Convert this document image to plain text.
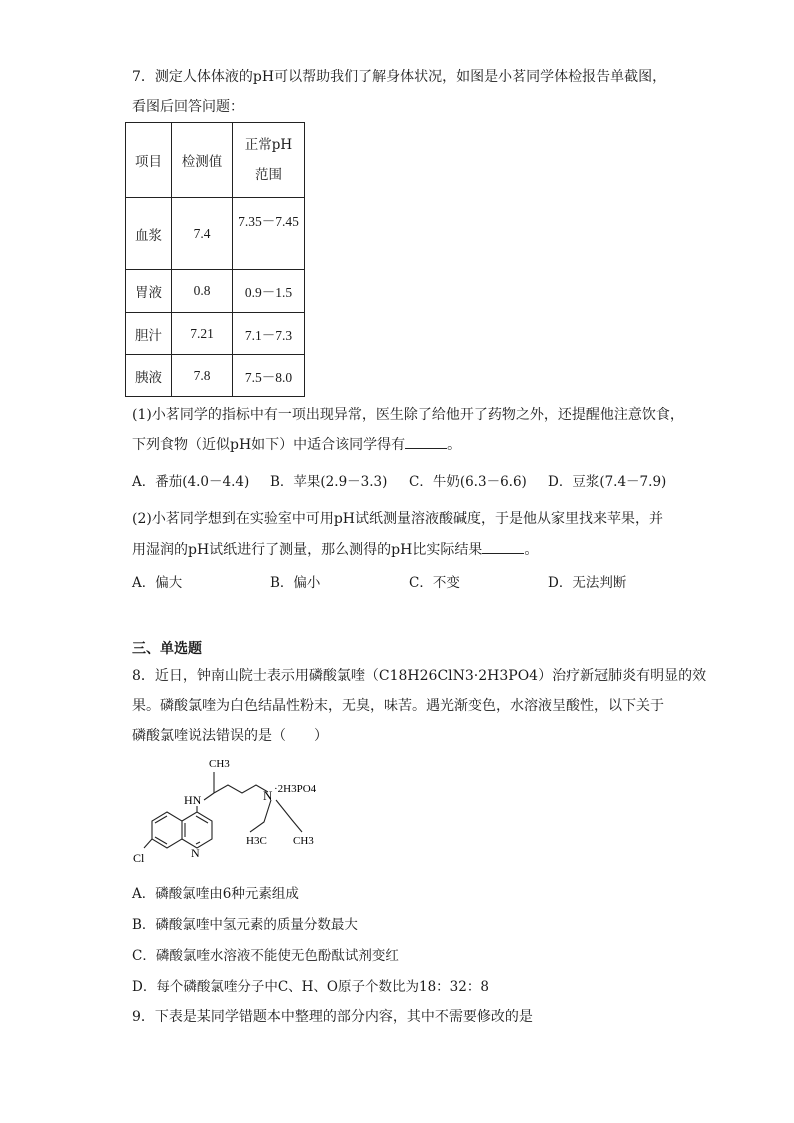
7．测定人体体液的pH可以帮助我们了解身体状况，如图是小茗同学体检报告单截图，
看图后回答问题：
项目	检测值	正常pH
范围

血浆	7.4	7.35－7.45
胃液	0.8	0.9－1.5
胆汁	7.21	7.1－7.3
胰液	7.8	7.5－8.0
(1)小茗同学的指标中有一项出现异常，医生除了给他开了药物之外，还提醒他注意饮食，
下列食物（近似pH如下）中适合该同学得有	。
A．番茄(4.0－4.4) B．苹果(2.9－3.3) C．牛奶(6.3－6.6) D．豆浆(7.4－7.9)
(2)小茗同学想到在实验室中可用pH试纸测量溶液酸碱度，于是他从家里找来苹果，并
用湿润的pH试纸进行了测量，那么测得的pH比实际结果	。
A．偏大	B．偏小	C．不变	D．无法判断
三、单选题
8．近日，钟南山院士表示用磷酸氯喹（C18H26ClN3·2H3PO4）治疗新冠肺炎有明显的效
果。磷酸氯喹为白色结晶性粉末，无臭，味苦。遇光渐变色，水溶液呈酸性，以下关于
磷酸氯喹说法错误的是（　　）
CH3
HN	N ·2H3PO4
H3C CH3
Cl	N
A．磷酸氯喹由6种元素组成
B．磷酸氯喹中氢元素的质量分数最大
C．磷酸氯喹水溶液不能使无色酚酞试剂变红
D．每个磷酸氯喹分子中C、H、O原子个数比为18：32：8
9．下表是某同学错题本中整理的部分内容，其中不需要修改的是
